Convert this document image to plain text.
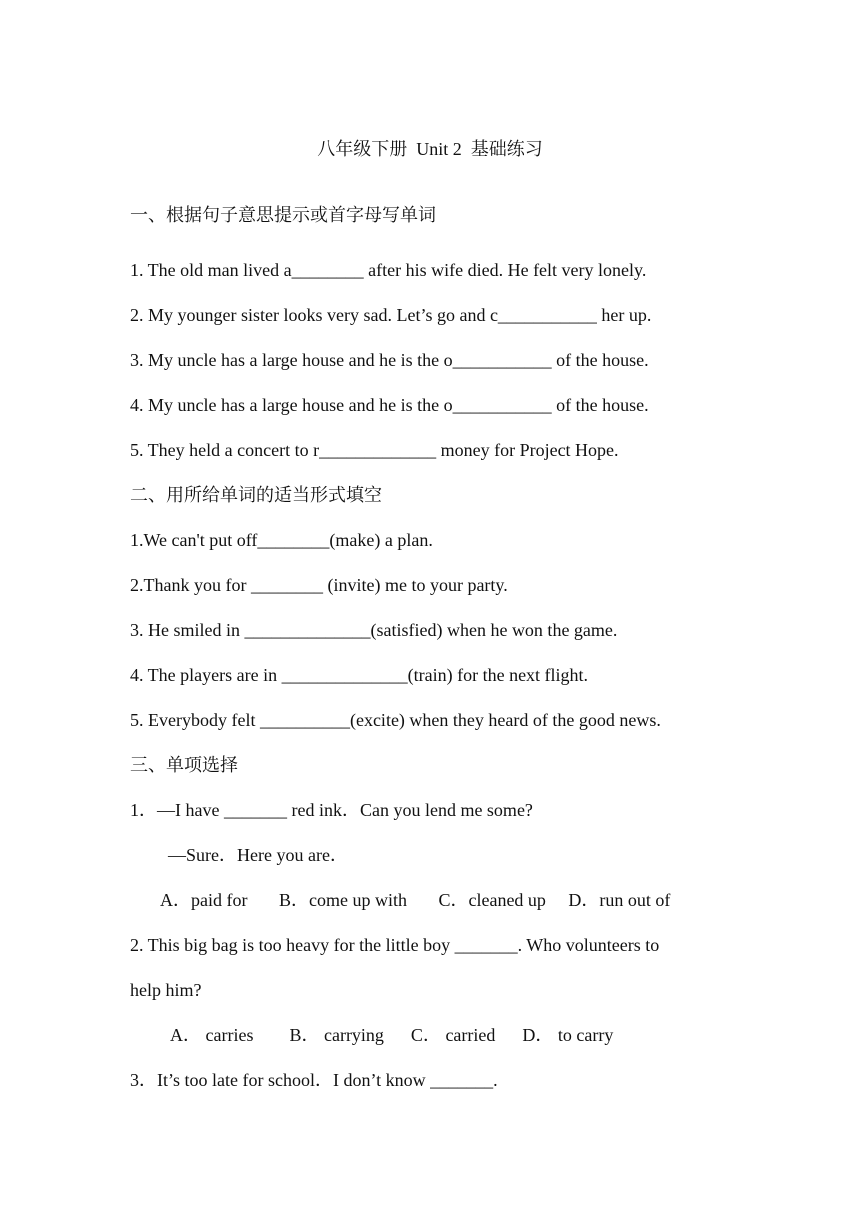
八年级下册  Unit 2  基础练习
一、根据句子意思提示或首字母写单词
1. The old man lived a________ after his wife died. He felt very lonely.
2. My younger sister looks very sad. Let’s go and c___________ her up.
3. My uncle has a large house and he is the o___________ of the house.
4. My uncle has a large house and he is the o___________ of the house.
5. They held a concert to r_____________ money for Project Hope.
二、用所给单词的适当形式填空
1.We can't put off________(make) a plan.
2.Thank you for ________ (invite) me to your party.
3. He smiled in ______________(satisfied) when he won the game.
4. The players are in ______________(train) for the next flight.
5. Everybody felt __________(excite) when they heard of the good news.
三、单项选择
1．—I have _______ red ink．Can you lend me some?
—Sure．Here you are．
A．paid for       B．come up with       C．cleaned up     D．run out of
2. This big bag is too heavy for the little boy _______. Who volunteers to
help him?
A． carries        B． carrying      C． carried      D． to carry
3．It’s too late for school．I don’t know _______.
